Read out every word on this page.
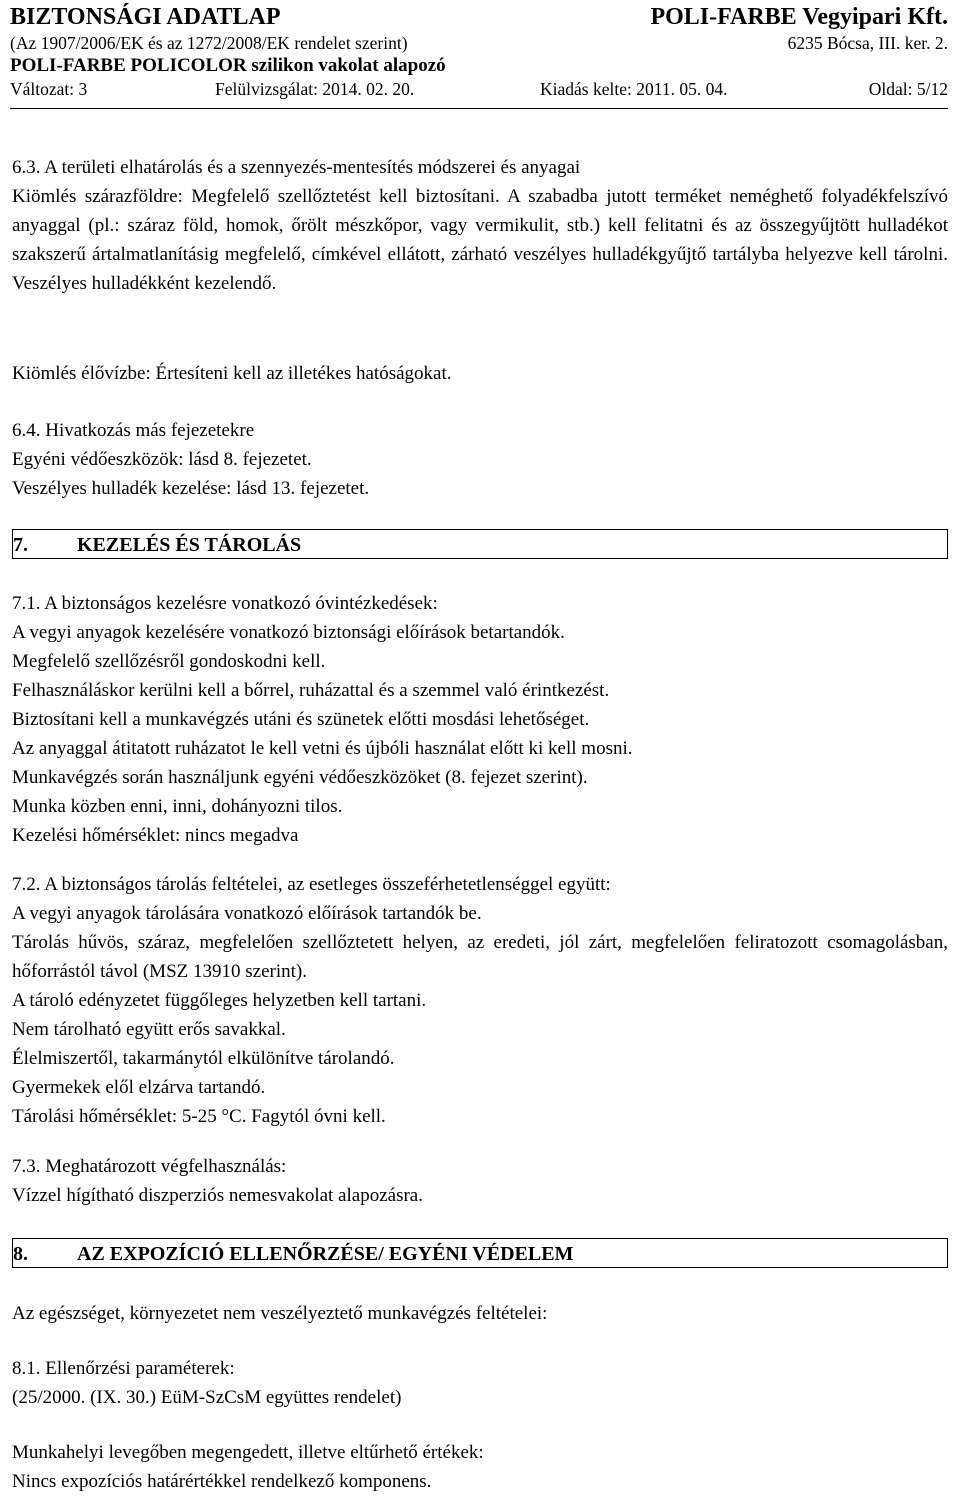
BIZTONSÁGI ADATLAP	POLI-FARBE Vegyipari Kft.
(Az 1907/2006/EK és az 1272/2008/EK rendelet szerint)	6235 Bócsa, III. ker. 2.
POLI-FARBE POLICOLOR szilikon vakolat alapozó
Változat: 3	Felülvizsgálat: 2014. 02. 20.	Kiadás kelte: 2011. 05. 04.	Oldal: 5/12

6.3. A területi elhatárolás és a szennyezés-mentesítés módszerei és anyagai

Kiömlés szárazföldre: Megfelelő szellőztetést kell biztosítani. A szabadba jutott terméket neméghető folyadékfelszívó anyaggal (pl.: száraz föld, homok, őrölt mészkőpor, vagy vermikulit, stb.) kell felitatni és az összegyűjtött hulladékot szakszerű ártalmatlanításig megfelelő, címkével ellátott, zárható veszélyes hulladékgyűjtő tartályba helyezve kell tárolni. Veszélyes hulladékként kezelendő.

Kiömlés élővízbe: Értesíteni kell az illetékes hatóságokat.

6.4. Hivatkozás más fejezetekre

Egyéni védőeszközök: lásd 8. fejezetet.

Veszélyes hulladék kezelése: lásd 13. fejezetet.

7. KEZELÉS ÉS TÁROLÁS

7.1. A biztonságos kezelésre vonatkozó óvintézkedések:

A vegyi anyagok kezelésére vonatkozó biztonsági előírások betartandók.

Megfelelő szellőzésről gondoskodni kell.

Felhasználáskor kerülni kell a bőrrel, ruházattal és a szemmel való érintkezést.

Biztosítani kell a munkavégzés utáni és szünetek előtti mosdási lehetőséget.

Az anyaggal átitatott ruházatot le kell vetni és újbóli használat előtt ki kell mosni.

Munkavégzés során használjunk egyéni védőeszközöket (8. fejezet szerint).

Munka közben enni, inni, dohányozni tilos.

Kezelési hőmérséklet: nincs megadva

7.2. A biztonságos tárolás feltételei, az esetleges összeférhetetlenséggel együtt:

A vegyi anyagok tárolására vonatkozó előírások tartandók be.

Tárolás hűvös, száraz, megfelelően szellőztetett helyen, az eredeti, jól zárt, megfelelően feliratozott csomagolásban, hőforrástól távol (MSZ 13910 szerint).

A tároló edényzetet függőleges helyzetben kell tartani.

Nem tárolható együtt erős savakkal.

Élelmiszertől, takarmánytól elkülönítve tárolandó.

Gyermekek elől elzárva tartandó.

Tárolási hőmérséklet: 5-25 °C. Fagytól óvni kell.

7.3. Meghatározott végfelhasználás:

Vízzel hígítható diszperziós nemesvakolat alapozásra.

8. AZ EXPOZÍCIÓ ELLENŐRZÉSE/ EGYÉNI VÉDELEM

Az egészséget, környezetet nem veszélyeztető munkavégzés feltételei:

8.1. Ellenőrzési paraméterek:

(25/2000. (IX. 30.) EüM-SzCsM együttes rendelet)

Munkahelyi levegőben megengedett, illetve eltűrhető értékek:

Nincs expozíciós határértékkel rendelkező komponens.
